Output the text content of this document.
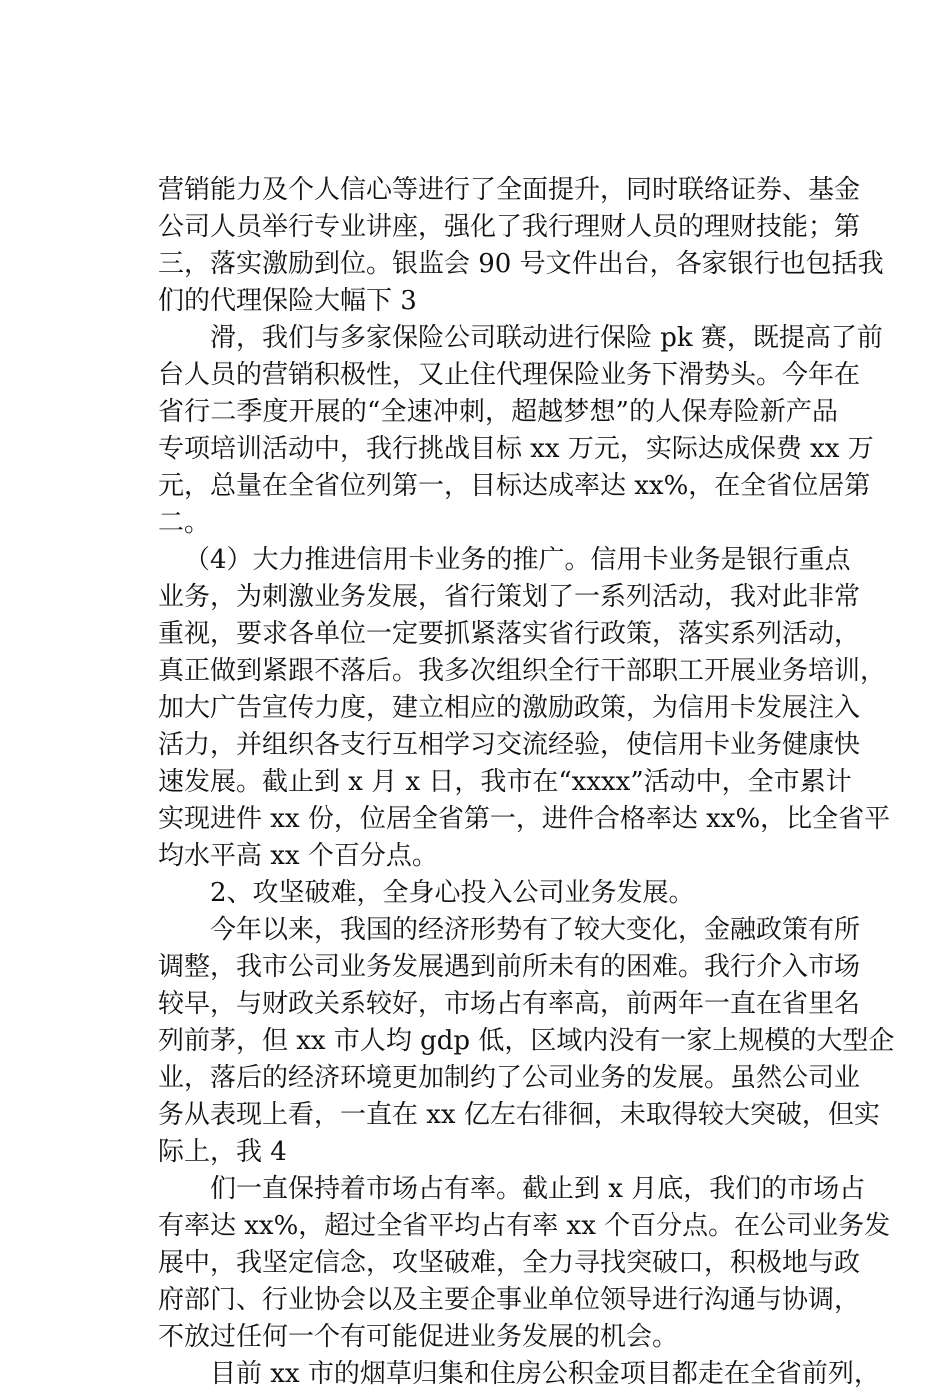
营销能力及个人信心等进行了全面提升，同时联络证券、基金
公司人员举行专业讲座，强化了我行理财人员的理财技能；第
三，落实激励到位。银监会 90 号文件出台，各家银行也包括我
们的代理保险大幅下 3
滑，我们与多家保险公司联动进行保险 pk 赛，既提高了前
台人员的营销积极性，又止住代理保险业务下滑势头。今年在
省行二季度开展的“全速冲刺，超越梦想”的人保寿险新产品
专项培训活动中，我行挑战目标 xx 万元，实际达成保费 xx 万
元，总量在全省位列第一，目标达成率达 xx%，在全省位居第
二。
（4）大力推进信用卡业务的推广。信用卡业务是银行重点
业务，为刺激业务发展，省行策划了一系列活动，我对此非常
重视，要求各单位一定要抓紧落实省行政策，落实系列活动，
真正做到紧跟不落后。我多次组织全行干部职工开展业务培训，
加大广告宣传力度，建立相应的激励政策，为信用卡发展注入
活力，并组织各支行互相学习交流经验，使信用卡业务健康快
速发展。截止到 x 月 x 日，我市在“xxxx”活动中，全市累计
实现进件 xx 份，位居全省第一，进件合格率达 xx%，比全省平
均水平高 xx 个百分点。
2、攻坚破难，全身心投入公司业务发展。
今年以来，我国的经济形势有了较大变化，金融政策有所
调整，我市公司业务发展遇到前所未有的困难。我行介入市场
较早，与财政关系较好，市场占有率高，前两年一直在省里名
列前茅，但 xx 市人均 gdp 低，区域内没有一家上规模的大型企
业，落后的经济环境更加制约了公司业务的发展。虽然公司业
务从表现上看，一直在 xx 亿左右徘徊，未取得较大突破，但实
际上，我 4
们一直保持着市场占有率。截止到 x 月底，我们的市场占
有率达 xx%，超过全省平均占有率 xx 个百分点。在公司业务发
展中，我坚定信念，攻坚破难，全力寻找突破口，积极地与政
府部门、行业协会以及主要企事业单位领导进行沟通与协调，
不放过任何一个有可能促进业务发展的机会。
目前 xx 市的烟草归集和住房公积金项目都走在全省前列，
